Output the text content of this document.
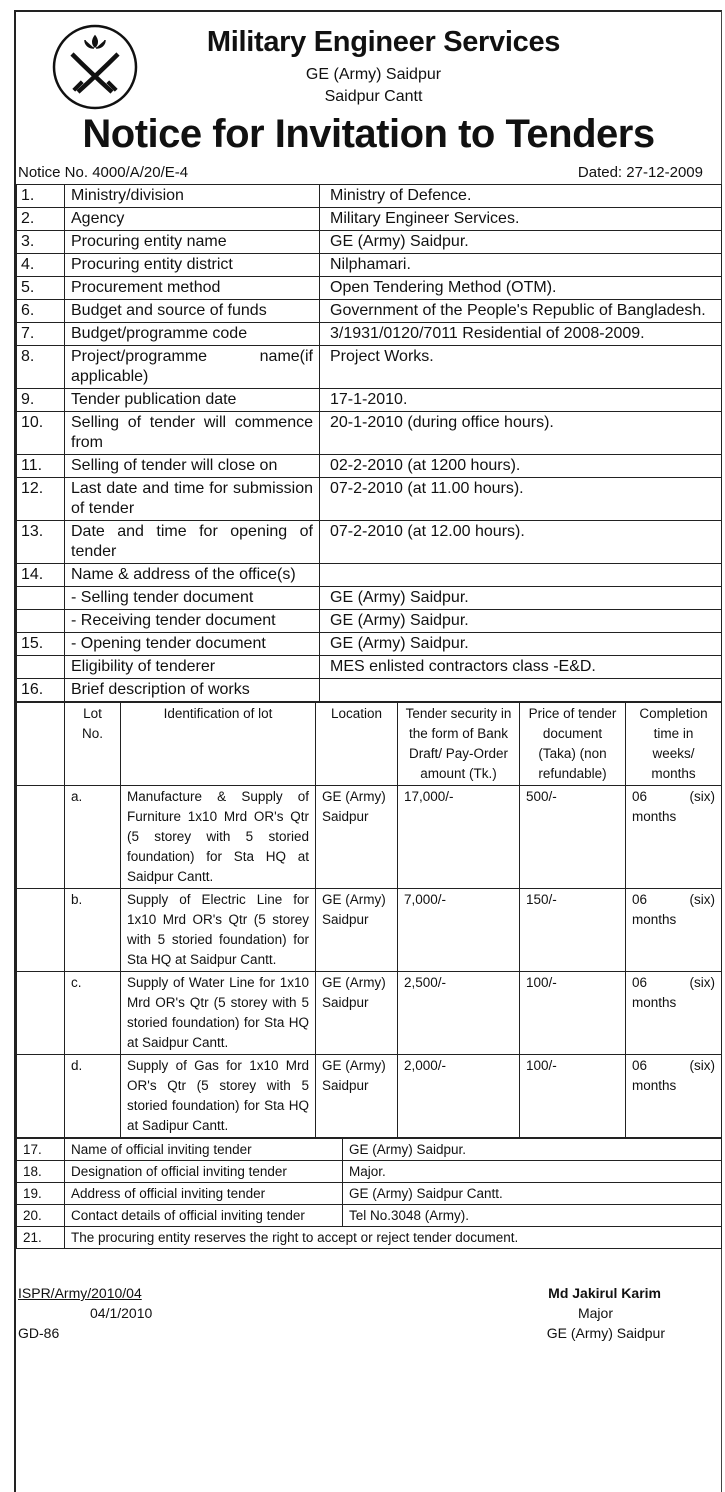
Military Engineer Services
GE (Army) Saidpur
Saidpur Cantt
Notice for Invitation to Tenders
Notice No. 4000/A/20/E-4	Dated: 27-12-2009
1.	Ministry/division	Ministry of Defence.
2.	Agency	Military Engineer Services.
3.	Procuring entity name	GE (Army) Saidpur.
4.	Procuring entity district	Nilphamari.
5.	Procurement method	Open Tendering Method (OTM).
6.	Budget and source of funds	Government of the People's Republic of Bangladesh.
7.	Budget/programme code	3/1931/0120/7011 Residential of 2008-2009.
8.	Project/programme name(if applicable)	Project Works.
9.	Tender publication date	17-1-2010.
10.	Selling of tender will commence from	20-1-2010 (during office hours).
11.	Selling of tender will close on	02-2-2010 (at 1200 hours).
12.	Last date and time for submission of tender	07-2-2010 (at 11.00 hours).
13.	Date and time for opening of tender	07-2-2010 (at 12.00 hours).
14.	Name & address of the office(s)	
	- Selling tender document	GE (Army) Saidpur.
	- Receiving tender document	GE (Army) Saidpur.
15.	- Opening tender document	GE (Army) Saidpur.
	Eligibility of tenderer	MES enlisted contractors class -E&D.
16.	Brief description of works	
	Lot No.	Identification of lot	Location	Tender security in the form of Bank Draft/ Pay-Order amount (Tk.)	Price of tender document (Taka) (non refundable)	Completion time in weeks/ months
	a.	Manufacture & Supply of Furniture 1x10 Mrd OR's Qtr (5 storey with 5 storied foundation) for Sta HQ at Saidpur Cantt.	GE (Army) Saidpur	17,000/-	500/-	06 (six)
months

	b.	Supply of Electric Line for 1x10 Mrd OR's Qtr (5 storey with 5 storied foundation) for Sta HQ at Saidpur Cantt.	GE (Army) Saidpur	7,000/-	150/-	06 (six)
months

	c.	Supply of Water Line for 1x10 Mrd OR's Qtr (5 storey with 5 storied foundation) for Sta HQ at Saidpur Cantt.	GE (Army) Saidpur	2,500/-	100/-	06 (six)
months

	d.	Supply of Gas for 1x10 Mrd OR's Qtr (5 storey with 5 storied foundation) for Sta HQ at Sadipur Cantt.	GE (Army) Saidpur	2,000/-	100/-	06 (six)
months
17.	Name of official inviting tender	GE (Army) Saidpur.
18.	Designation of official inviting tender	Major.
19.	Address of official inviting tender	GE (Army) Saidpur Cantt.
20.	Contact details of official inviting tender	Tel No.3048 (Army).
21.	The procuring entity reserves the right to accept or reject tender document.	
ISPR/Army/2010/04
04/1/2010
GD-86
Md Jakirul Karim
Major
GE (Army) Saidpur
